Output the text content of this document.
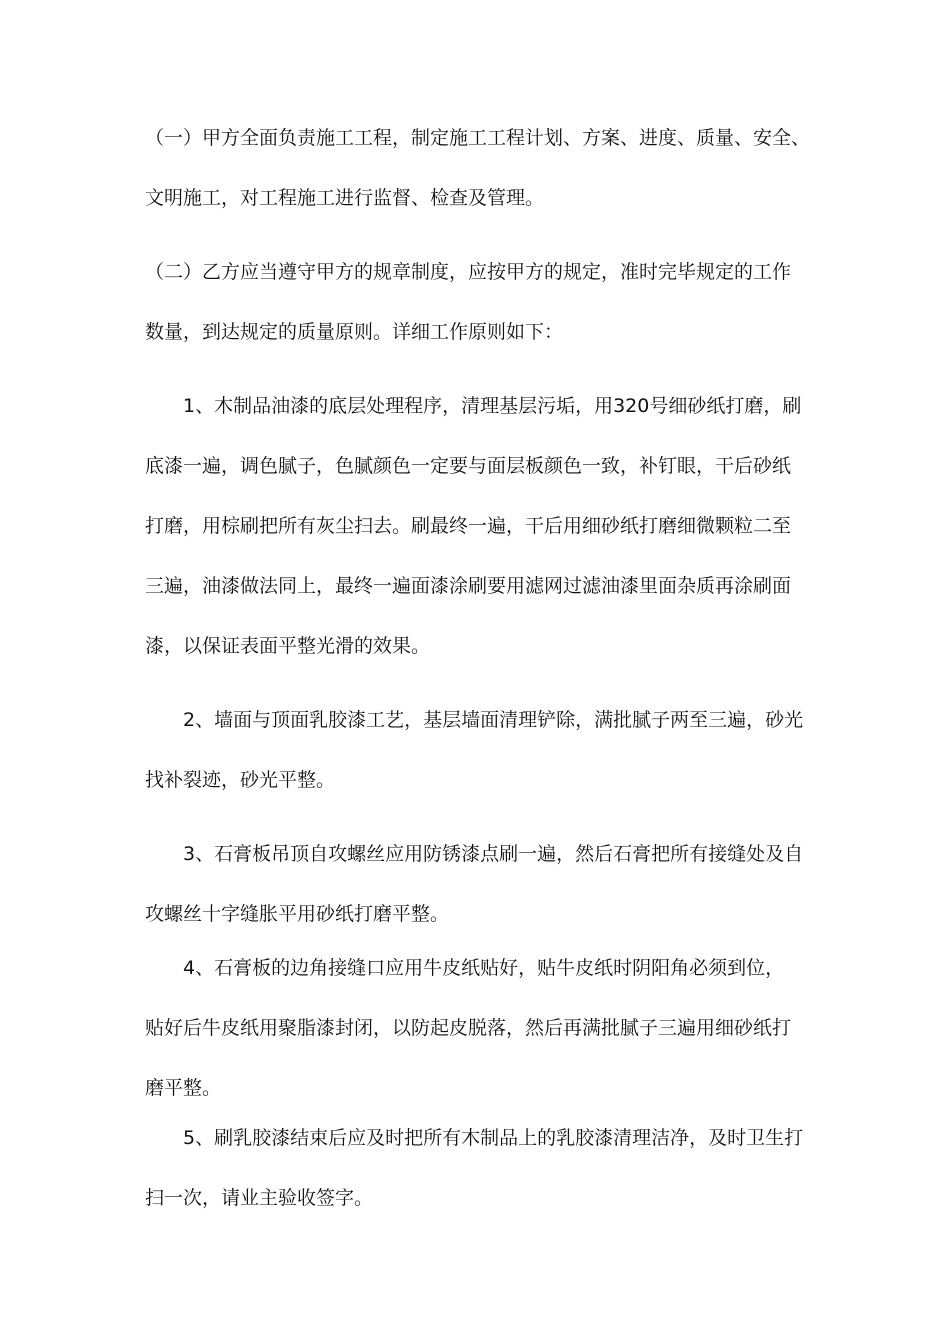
（一）甲方全面负责施工工程，制定施工工程计划、方案、进度、质量、安全、
文明施工，对工程施工进行监督、检查及管理。
（二）乙方应当遵守甲方的规章制度，应按甲方的规定，准时完毕规定的工作
数量，到达规定的质量原则。详细工作原则如下：
1、木制品油漆的底层处理程序，清理基层污垢，用320号细砂纸打磨，刷
底漆一遍，调色腻子，色腻颜色一定要与面层板颜色一致，补钉眼，干后砂纸
打磨，用棕刷把所有灰尘扫去。刷最终一遍，干后用细砂纸打磨细微颗粒二至
三遍，油漆做法同上，最终一遍面漆涂刷要用滤网过滤油漆里面杂质再涂刷面
漆，以保证表面平整光滑的效果。
2、墙面与顶面乳胶漆工艺，基层墙面清理铲除，满批腻子两至三遍，砂光
找补裂迹，砂光平整。
3、石膏板吊顶自攻螺丝应用防锈漆点刷一遍，然后石膏把所有接缝处及自
攻螺丝十字缝胀平用砂纸打磨平整。
4、石膏板的边角接缝口应用牛皮纸贴好，贴牛皮纸时阴阳角必须到位，
贴好后牛皮纸用聚脂漆封闭，以防起皮脱落，然后再满批腻子三遍用细砂纸打
磨平整。
5、刷乳胶漆结束后应及时把所有木制品上的乳胶漆清理洁净，及时卫生打
扫一次，请业主验收签字。
